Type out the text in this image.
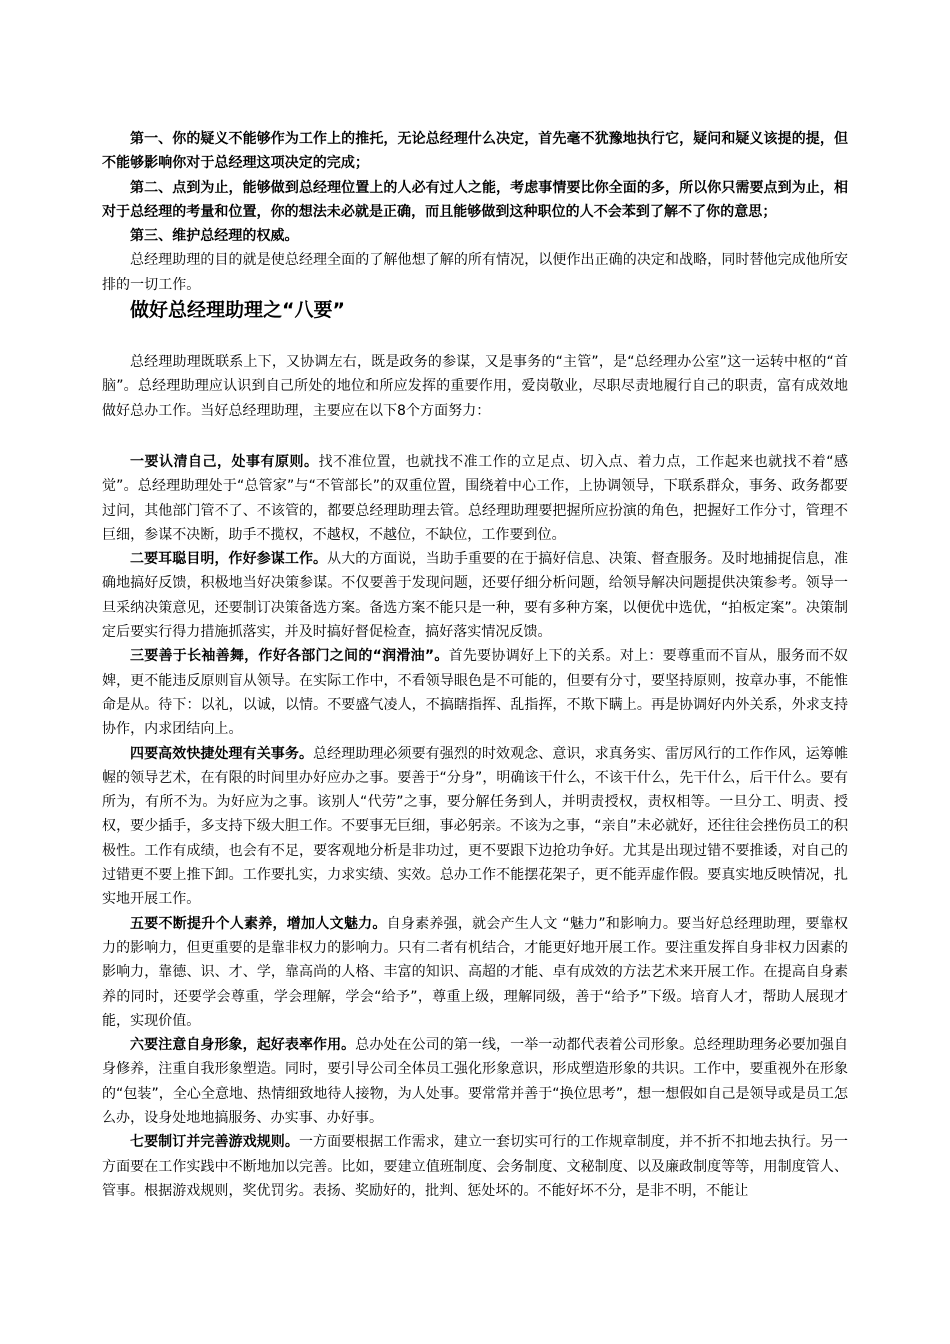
第一、你的疑义不能够作为工作上的推托，无论总经理什么决定，首先毫不犹豫地执行它，疑问和疑义该提的提，但不能够影响你对于总经理这项决定的完成；

第二、点到为止，能够做到总经理位置上的人必有过人之能，考虑事情要比你全面的多，所以你只需要点到为止，相对于总经理的考量和位置，你的想法未必就是正确，而且能够做到这种职位的人不会苯到了解不了你的意思；

第三、维护总经理的权威。

总经理助理的目的就是使总经理全面的了解他想了解的所有情况，以便作出正确的决定和战略，同时替他完成他所安排的一切工作。

做好总经理助理之“八要”

总经理助理既联系上下，又协调左右，既是政务的参谋，又是事务的“主管”，是“总经理办公室”这一运转中枢的“首脑”。总经理助理应认识到自己所处的地位和所应发挥的重要作用，爱岗敬业，尽职尽责地履行自己的职责，富有成效地做好总办工作。当好总经理助理，主要应在以下8个方面努力：

一要认清自己，处事有原则。找不准位置，也就找不准工作的立足点、切入点、着力点，工作起来也就找不着“感觉”。总经理助理处于“总管家”与“不管部长”的双重位置，围绕着中心工作，上协调领导，下联系群众，事务、政务都要过问，其他部门管不了、不该管的，都要总经理助理去管。总经理助理要把握所应扮演的角色，把握好工作分寸，管理不巨细，参谋不决断，助手不揽权，不越权，不越位，不缺位，工作要到位。

二要耳聪目明，作好参谋工作。从大的方面说，当助手重要的在于搞好信息、决策、督查服务。及时地捕捉信息，准确地搞好反馈，积极地当好决策参谋。不仅要善于发现问题，还要仔细分析问题，给领导解决问题提供决策参考。领导一旦采纳决策意见，还要制订决策备选方案。备选方案不能只是一种，要有多种方案，以便优中选优，“拍板定案”。决策制定后要实行得力措施抓落实，并及时搞好督促检查，搞好落实情况反馈。

三要善于长袖善舞，作好各部门之间的“润滑油”。首先要协调好上下的关系。对上：要尊重而不盲从，服务而不奴婢，更不能违反原则盲从领导。在实际工作中，不看领导眼色是不可能的，但要有分寸，要坚持原则，按章办事，不能惟命是从。待下：以礼，以诚，以情。不要盛气凌人，不搞瞎指挥、乱指挥，不欺下瞒上。再是协调好内外关系，外求支持协作，内求团结向上。

四要高效快捷处理有关事务。总经理助理必须要有强烈的时效观念、意识，求真务实、雷厉风行的工作作风，运筹帷幄的领导艺术，在有限的时间里办好应办之事。要善于“分身”，明确该干什么，不该干什么，先干什么，后干什么。要有所为，有所不为。为好应为之事。该别人“代劳”之事，要分解任务到人，并明责授权，责权相等。一旦分工、明责、授权，要少插手，多支持下级大胆工作。不要事无巨细，事必躬亲。不该为之事，“亲自”未必就好，还往往会挫伤员工的积极性。工作有成绩，也会有不足，要客观地分析是非功过，更不要跟下边抢功争好。尤其是出现过错不要推诿，对自己的过错更不要上推下卸。工作要扎实，力求实绩、实效。总办工作不能摆花架子，更不能弄虚作假。要真实地反映情况，扎实地开展工作。

五要不断提升个人素养，增加人文魅力。自身素养强，就会产生人文 “魅力”和影响力。要当好总经理助理，要靠权力的影响力，但更重要的是靠非权力的影响力。只有二者有机结合，才能更好地开展工作。要注重发挥自身非权力因素的影响力，靠德、识、才、学，靠高尚的人格、丰富的知识、高超的才能、卓有成效的方法艺术来开展工作。在提高自身素养的同时，还要学会尊重，学会理解，学会“给予”，尊重上级，理解同级，善于“给予”下级。培育人才，帮助人展现才能，实现价值。

六要注意自身形象，起好表率作用。总办处在公司的第一线，一举一动都代表着公司形象。总经理助理务必要加强自身修养，注重自我形象塑造。同时，要引导公司全体员工强化形象意识，形成塑造形象的共识。工作中，要重视外在形象的“包装”，全心全意地、热情细致地待人接物，为人处事。要常常并善于“换位思考”，想一想假如自己是领导或是员工怎么办，设身处地地搞服务、办实事、办好事。

七要制订并完善游戏规则。一方面要根据工作需求，建立一套切实可行的工作规章制度，并不折不扣地去执行。另一方面要在工作实践中不断地加以完善。比如，要建立值班制度、会务制度、文秘制度、以及廉政制度等等，用制度管人、管事。根据游戏规则，奖优罚劣。表扬、奖励好的，批判、惩处坏的。不能好坏不分，是非不明，不能让
